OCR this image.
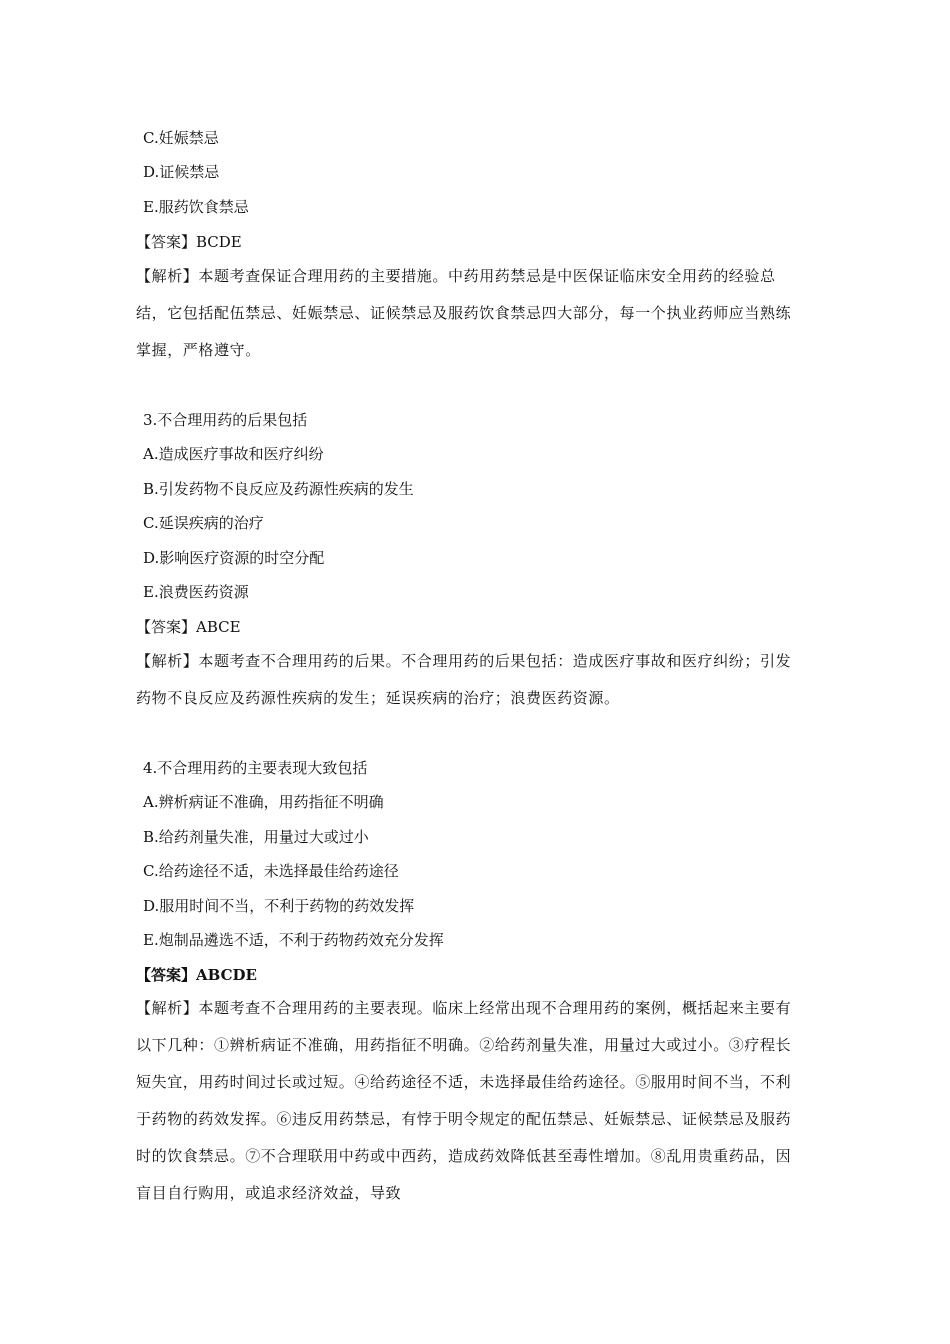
C.妊娠禁忌
D.证候禁忌
E.服药饮食禁忌
【答案】BCDE
【解析】本题考查保证合理用药的主要措施。中药用药禁忌是中医保证临床安全用药的经验总结，它包括配伍禁忌、妊娠禁忌、证候禁忌及服药饮食禁忌四大部分，每一个执业药师应当熟练掌握，严格遵守。
3.不合理用药的后果包括
A.造成医疗事故和医疗纠纷
B.引发药物不良反应及药源性疾病的发生
C.延误疾病的治疗
D.影响医疗资源的时空分配
E.浪费医药资源
【答案】ABCE
【解析】本题考查不合理用药的后果。不合理用药的后果包括：造成医疗事故和医疗纠纷；引发药物不良反应及药源性疾病的发生；延误疾病的治疗；浪费医药资源。
4.不合理用药的主要表现大致包括
A.辨析病证不准确，用药指征不明确
B.给药剂量失准，用量过大或过小
C.给药途径不适，未选择最佳给药途径
D.服用时间不当，不利于药物的药效发挥
E.炮制品遴选不适，不利于药物药效充分发挥
【答案】ABCDE
【解析】本题考查不合理用药的主要表现。临床上经常出现不合理用药的案例，概括起来主要有以下几种：①辨析病证不准确，用药指征不明确。②给药剂量失准，用量过大或过小。③疗程长短失宜，用药时间过长或过短。④给药途径不适，未选择最佳给药途径。⑤服用时间不当，不利于药物的药效发挥。⑥违反用药禁忌，有悖于明令规定的配伍禁忌、妊娠禁忌、证候禁忌及服药时的饮食禁忌。⑦不合理联用中药或中西药，造成药效降低甚至毒性增加。⑧乱用贵重药品，因盲目自行购用，或追求经济效益，导致
